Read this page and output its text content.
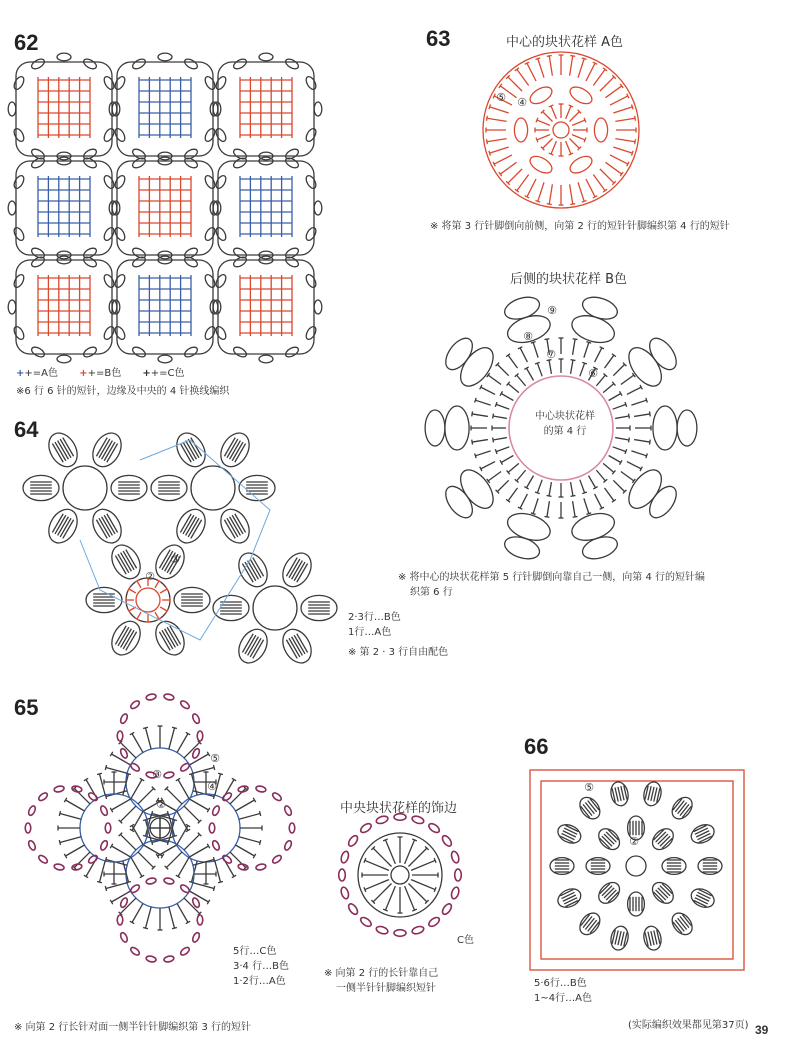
62
++=A色 ++=B色 ++=C色
※6 行 6 针的短针，边缘及中央的 4 针换线编织
63	中心的块状花样 A色
⑤ ④
※ 将第 3 行针脚倒向前侧，向第 2 行的短针针脚编织第 4 行的短针
后侧的块状花样 B色
⑨
⑧
⑦
⑥
中心块状花样
的第 4 行
※ 将中心的块状花样第 5 行针脚倒向靠自己一侧，向第 4 行的短针编
织第 6 行
64
③
②
2·3行…B色
1行…A色
※ 第 2 · 3 行自由配色
65
⑤
④
③
②	中央块状花样的饰边
C色
5行…C色
3·4 行…B色
1·2行…A色
※ 向第 2 行的长针靠自己
一侧半针针脚编织短针
※ 向第 2 行长针对面一侧半针针脚编织第 3 行的短针
66
⑤
②
5·6行…B色
1~4行…A色
(实际编织效果都见第37页) 39
